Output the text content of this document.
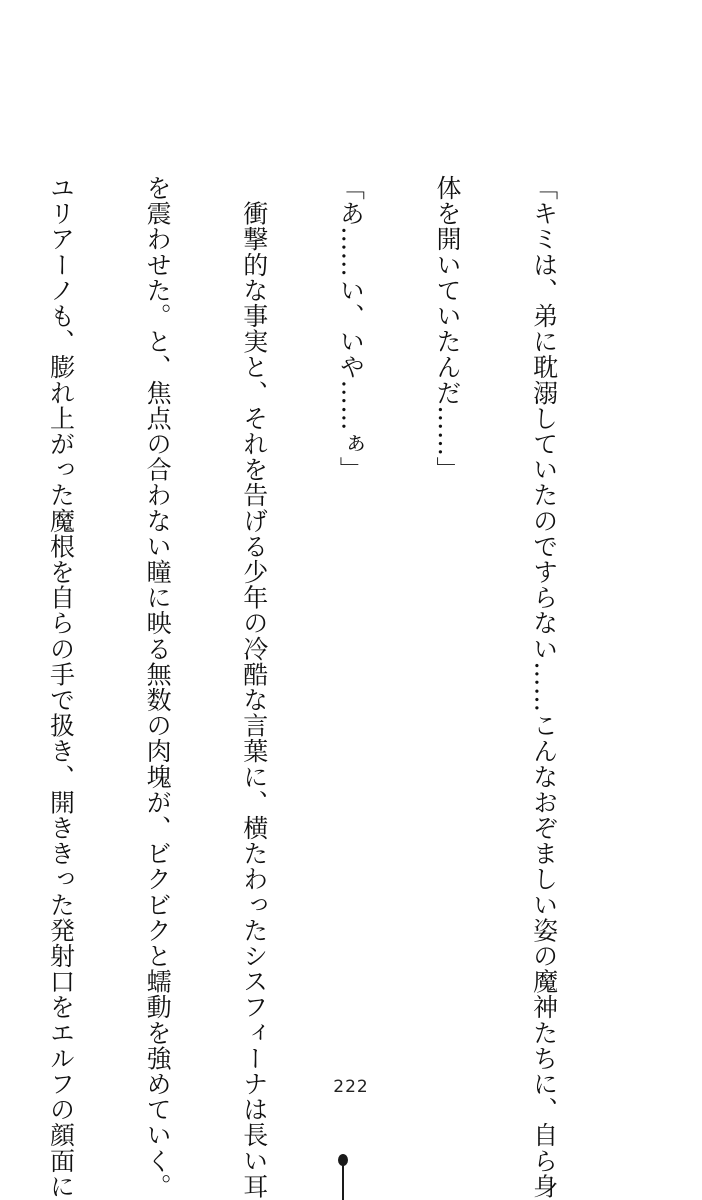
「キミは、弟に耽溺していたのですらない……こんなおぞましい姿の魔神たちに、自ら身

体を開いていたんだ……」

「あ……い、いや……ぁ」

　衝撃的な事実と、それを告げる少年の冷酷な言葉に、横たわったシスフィーナは長い耳

を震わせた。と、焦点の合わない瞳に映る無数の肉塊が、ビクビクと蠕動を強めていく。

ユリアーノも、膨れ上がった魔根を自らの手で扱き、開ききった発射口をエルフの顔面に

	222
